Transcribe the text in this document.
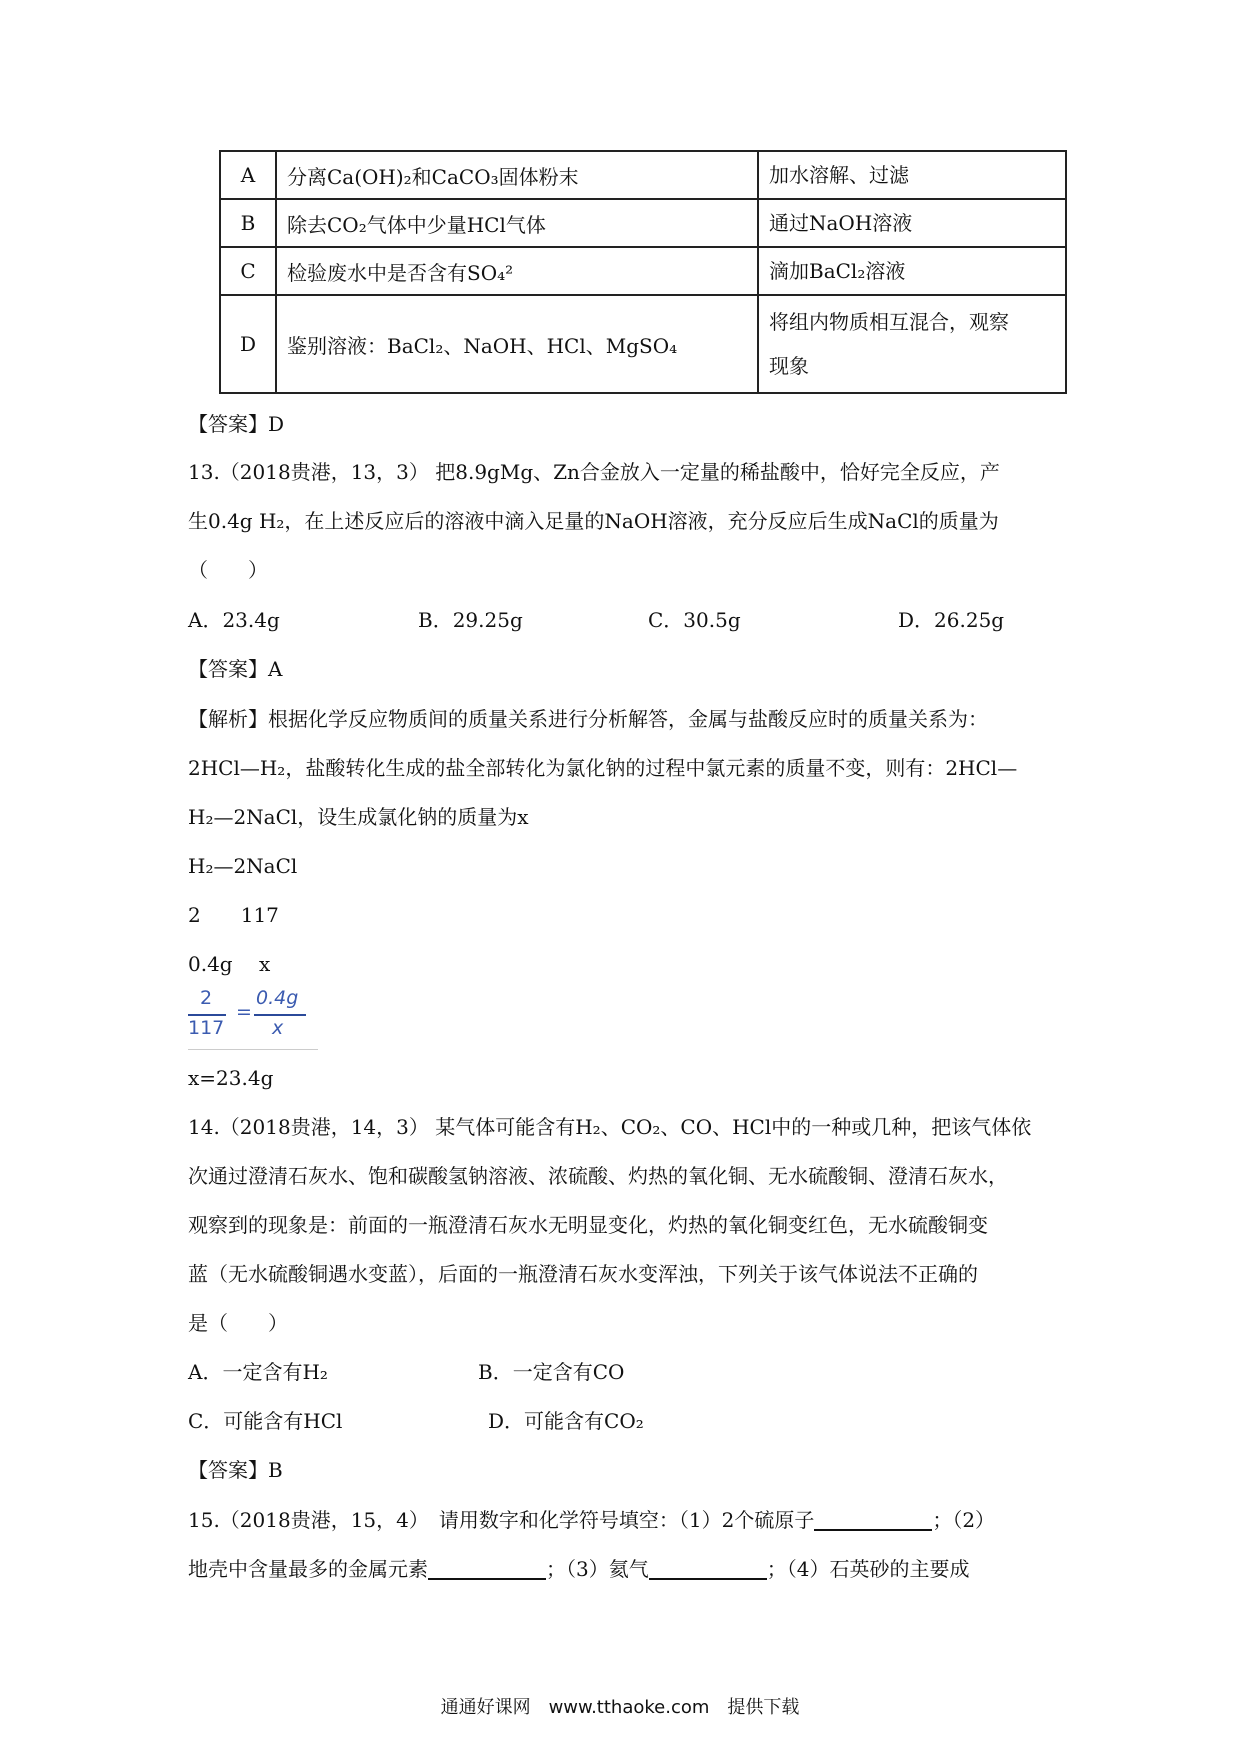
A	分离Ca(OH)₂和CaCO₃固体粉末	加水溶解、过滤

B	除去CO₂气体中少量HCl气体	通过NaOH溶液

C	检验废水中是否含有SO₄²	滴加BaCl₂溶液

D	鉴别溶液：BaCl₂、NaOH、HCl、MgSO₄	将组内物质相互混合，观察
现象
【答案】D
13.（2018贵港，13，3） 把8.9gMg、Zn合金放入一定量的稀盐酸中，恰好完全反应，产
生0.4g H₂，在上述反应后的溶液中滴入足量的NaOH溶液，充分反应后生成NaCl的质量为
（　　）
A．23.4g	B．29.25g	C．30.5g	D．26.25g
【答案】A
【解析】根据化学反应物质间的质量关系进行分析解答，金属与盐酸反应时的质量关系为：
2HCl—H₂，盐酸转化生成的盐全部转化为氯化钠的过程中氯元素的质量不变，则有：2HCl—
H₂—2NaCl，设生成氯化钠的质量为x
H₂—2NaCl
2　　117
0.4g　 x
2
117
=
0.4g
x
x=23.4g
14.（2018贵港，14，3） 某气体可能含有H₂、CO₂、CO、HCl中的一种或几种，把该气体依
次通过澄清石灰水、饱和碳酸氢钠溶液、浓硫酸、灼热的氧化铜、无水硫酸铜、澄清石灰水，
观察到的现象是：前面的一瓶澄清石灰水无明显变化，灼热的氧化铜变红色，无水硫酸铜变
蓝（无水硫酸铜遇水变蓝），后面的一瓶澄清石灰水变浑浊，下列关于该气体说法不正确的
是（　　）
A．一定含有H₂	B．一定含有CO
C．可能含有HCl	D．可能含有CO₂
【答案】B
15.（2018贵港，15，4）　请用数字和化学符号填空：（1）2个硫原子	；（2）
地壳中含量最多的金属元素	；（3）氦气	；（4）石英砂的主要成
通通好课网　www.tthaoke.com　提供下载
